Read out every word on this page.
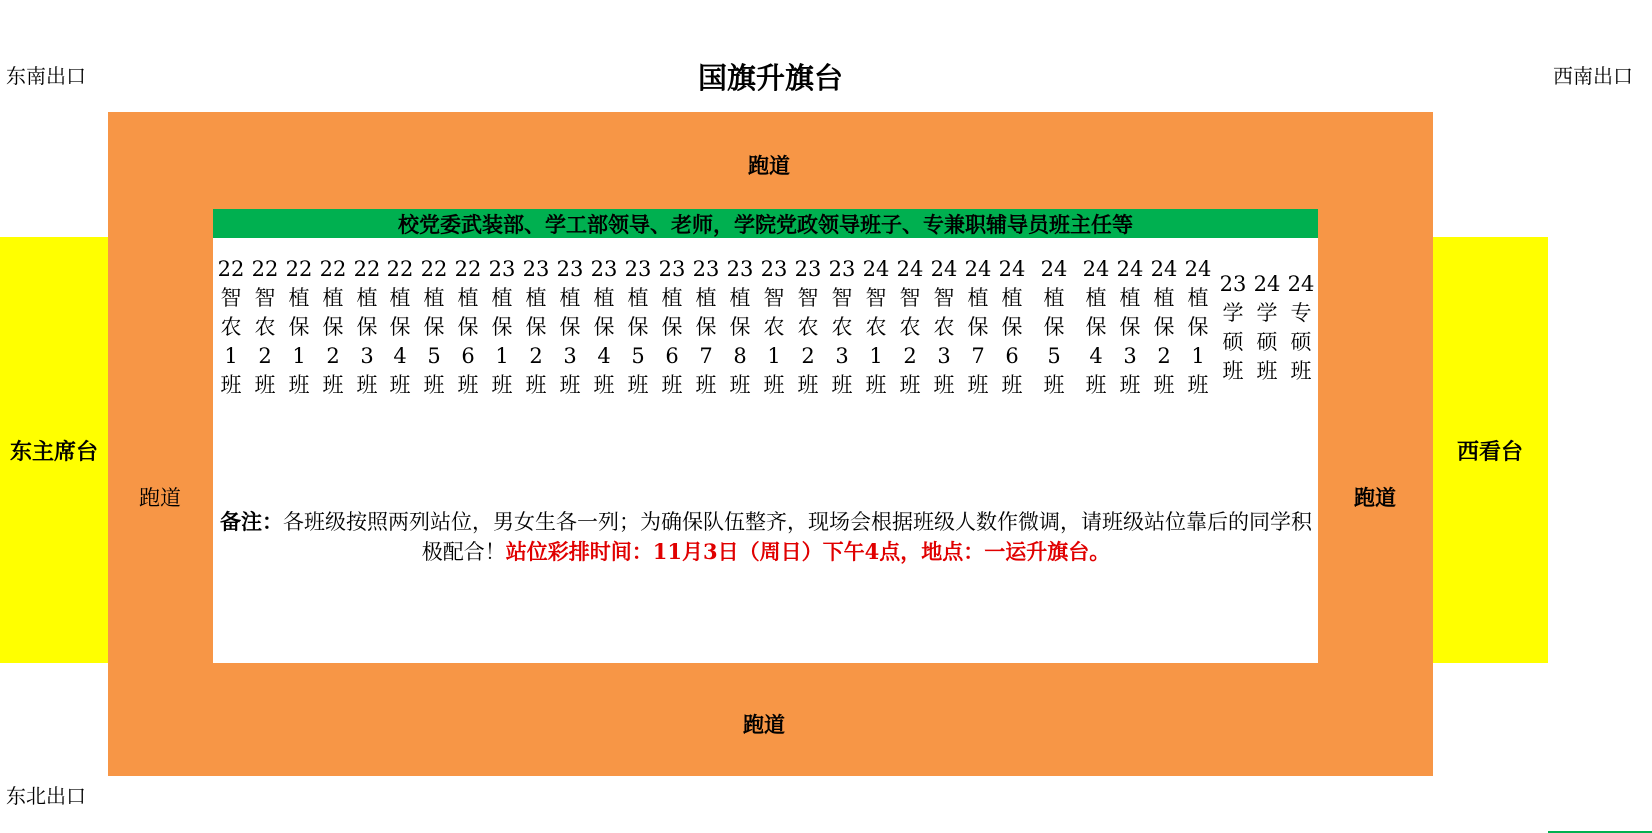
东南出口	西南出口
东北出口
国旗升旗台
东主席台	西看台
跑道
跑道
跑道	跑道
校党委武装部、学工部领导、老师，学院党政领导班子、专兼职辅导员班主任等
22
智
农
1
班
22
智
农
2
班
22
植
保
1
班
22
植
保
2
班
22
植
保
3
班
22
植
保
4
班
22
植
保
5
班
22
植
保
6
班
23
植
保
1
班
23
植
保
2
班
23
植
保
3
班
23
植
保
4
班
23
植
保
5
班
23
植
保
6
班
23
植
保
7
班
23
植
保
8
班
23
智
农
1
班
23
智
农
2
班
23
智
农
3
班
24
智
农
1
班
24
智
农
2
班
24
智
农
3
班
24
植
保
7
班
24
植
保
6
班
24
植
保
5
班
24
植
保
4
班
24
植
保
3
班
24
植
保
2
班
24
植
保
1
班
23
学
硕
班
24
学
硕
班
24
专
硕
班
备注：各班级按照两列站位，男女生各一列；为确保队伍整齐，现场会根据班级人数作微调，请班级站位靠后的同学积极配合！站位彩排时间：11月3日（周日）下午4点，地点：一运升旗台。
